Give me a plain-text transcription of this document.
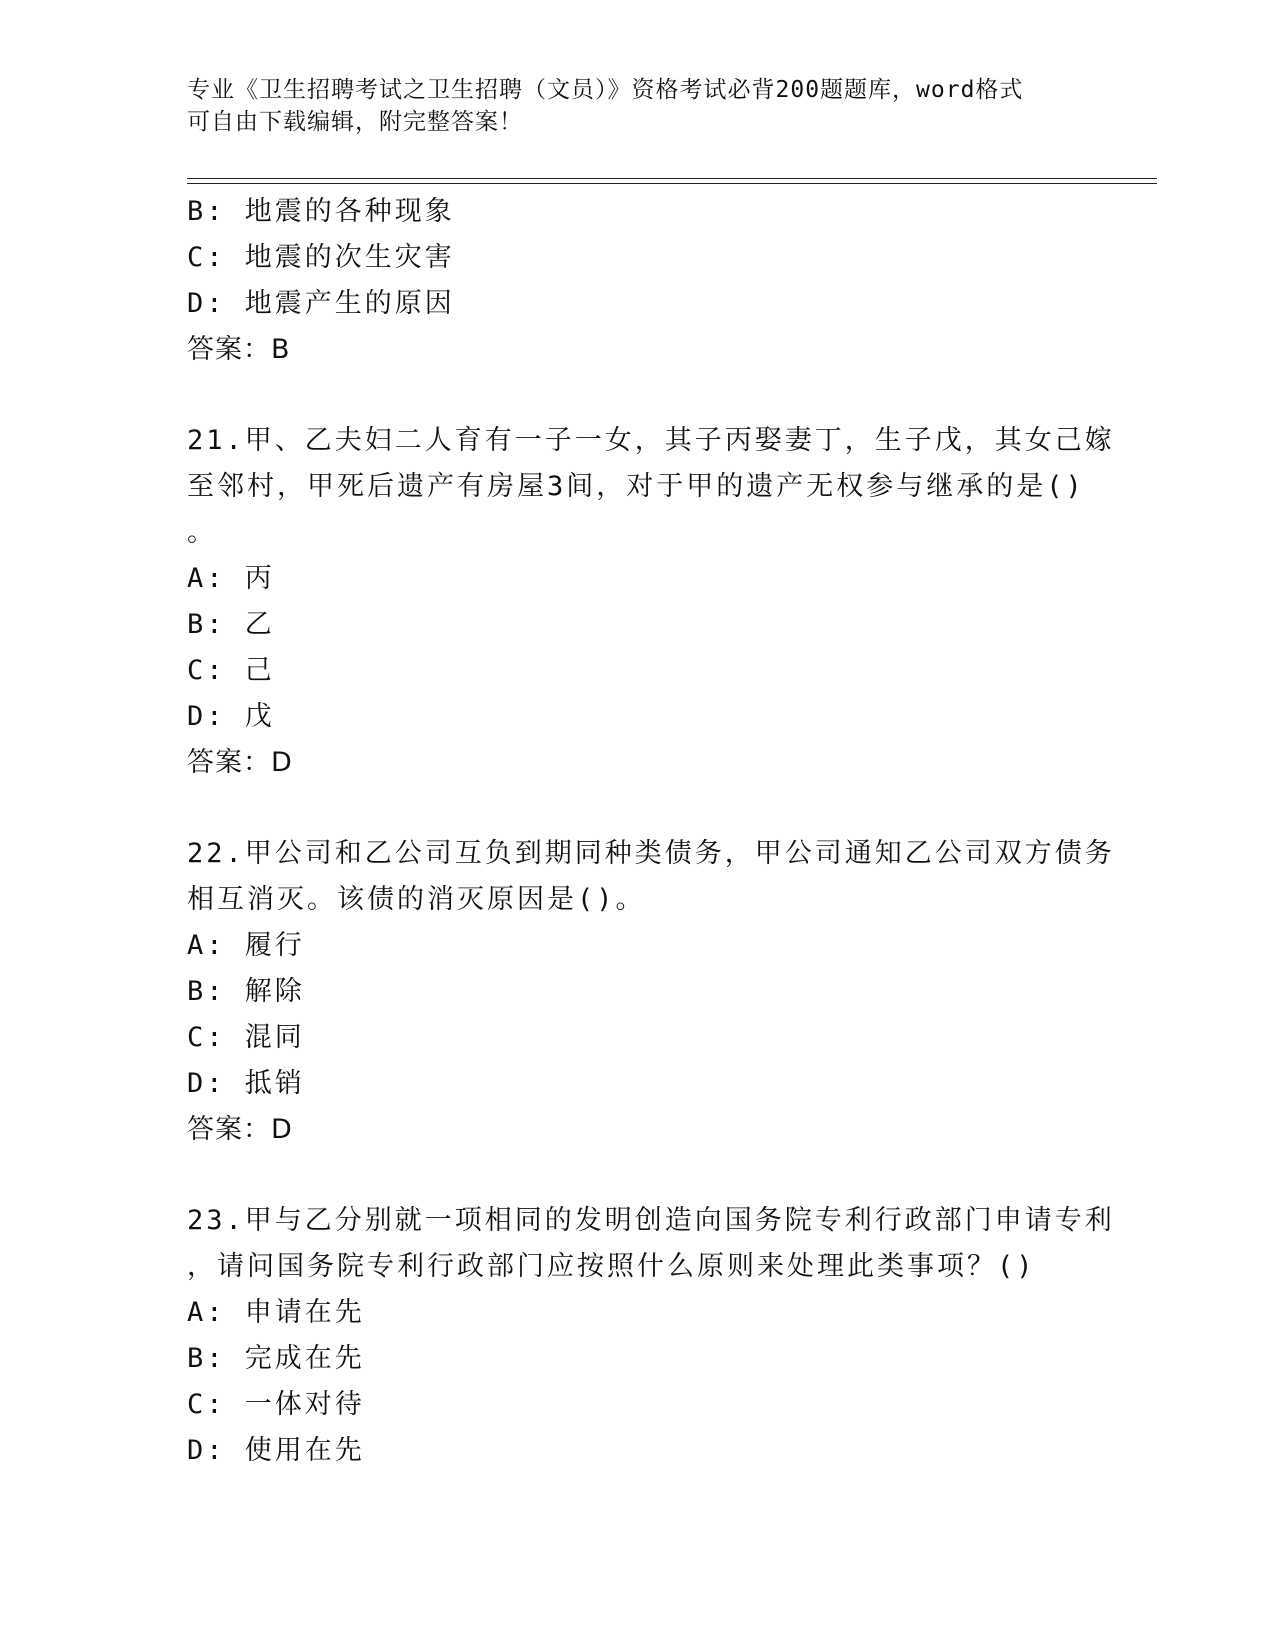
专业《卫生招聘考试之卫生招聘（文员）》资格考试必背200题题库，word格式
可自由下载编辑，附完整答案！
B: 地震的各种现象
C: 地震的次生灾害
D: 地震产生的原因
答案：B
21.甲、乙夫妇二人育有一子一女，其子丙娶妻丁，生子戊，其女己嫁
至邻村，甲死后遗产有房屋3间，对于甲的遗产无权参与继承的是()
。
A: 丙
B: 乙
C: 己
D: 戊
答案：D
22.甲公司和乙公司互负到期同种类债务，甲公司通知乙公司双方债务
相互消灭。该债的消灭原因是()。
A: 履行
B: 解除
C: 混同
D: 抵销
答案：D
23.甲与乙分别就一项相同的发明创造向国务院专利行政部门申请专利
，请问国务院专利行政部门应按照什么原则来处理此类事项？()
A: 申请在先
B: 完成在先
C: 一体对待
D: 使用在先
